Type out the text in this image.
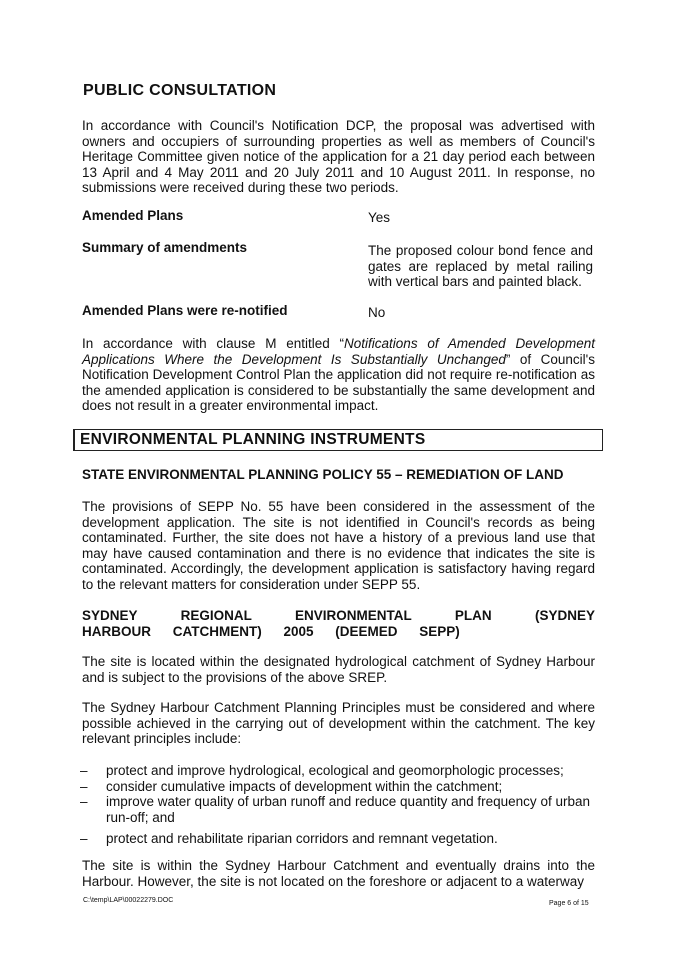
PUBLIC CONSULTATION
In accordance with Council's Notification DCP, the proposal was advertised with owners and occupiers of surrounding properties as well as members of Council's Heritage Committee given notice of the application for a 21 day period each between 13 April and 4 May 2011 and 20 July 2011 and 10 August 2011. In response, no submissions were received during these two periods.
Amended Plans	Yes
Summary of amendments	The proposed colour bond fence and gates are replaced by metal railing with vertical bars and painted black.
Amended Plans were re-notified	No
In accordance with clause M entitled “Notifications of Amended Development Applications Where the Development Is Substantially Unchanged” of Council's Notification Development Control Plan the application did not require re-notification as the amended application is considered to be substantially the same development and does not result in a greater environmental impact.
ENVIRONMENTAL PLANNING INSTRUMENTS
STATE ENVIRONMENTAL PLANNING POLICY 55 – REMEDIATION OF LAND
The provisions of SEPP No. 55 have been considered in the assessment of the development application. The site is not identified in Council's records as being contaminated. Further, the site does not have a history of a previous land use that may have caused contamination and there is no evidence that indicates the site is contaminated. Accordingly, the development application is satisfactory having regard to the relevant matters for consideration under SEPP 55.
SYDNEY REGIONAL ENVIRONMENTAL PLAN (SYDNEY HARBOUR CATCHMENT) 2005 (DEEMED SEPP)
The site is located within the designated hydrological catchment of Sydney Harbour and is subject to the provisions of the above SREP.
The Sydney Harbour Catchment Planning Principles must be considered and where possible achieved in the carrying out of development within the catchment. The key relevant principles include:
– protect and improve hydrological, ecological and geomorphologic processes;
– consider cumulative impacts of development within the catchment;
– improve water quality of urban runoff and reduce quantity and frequency of urban run-off; and
– protect and rehabilitate riparian corridors and remnant vegetation.
The site is within the Sydney Harbour Catchment and eventually drains into the Harbour. However, the site is not located on the foreshore or adjacent to a waterway
C:\temp\LAP\00022279.DOC	Page 6 of 15
